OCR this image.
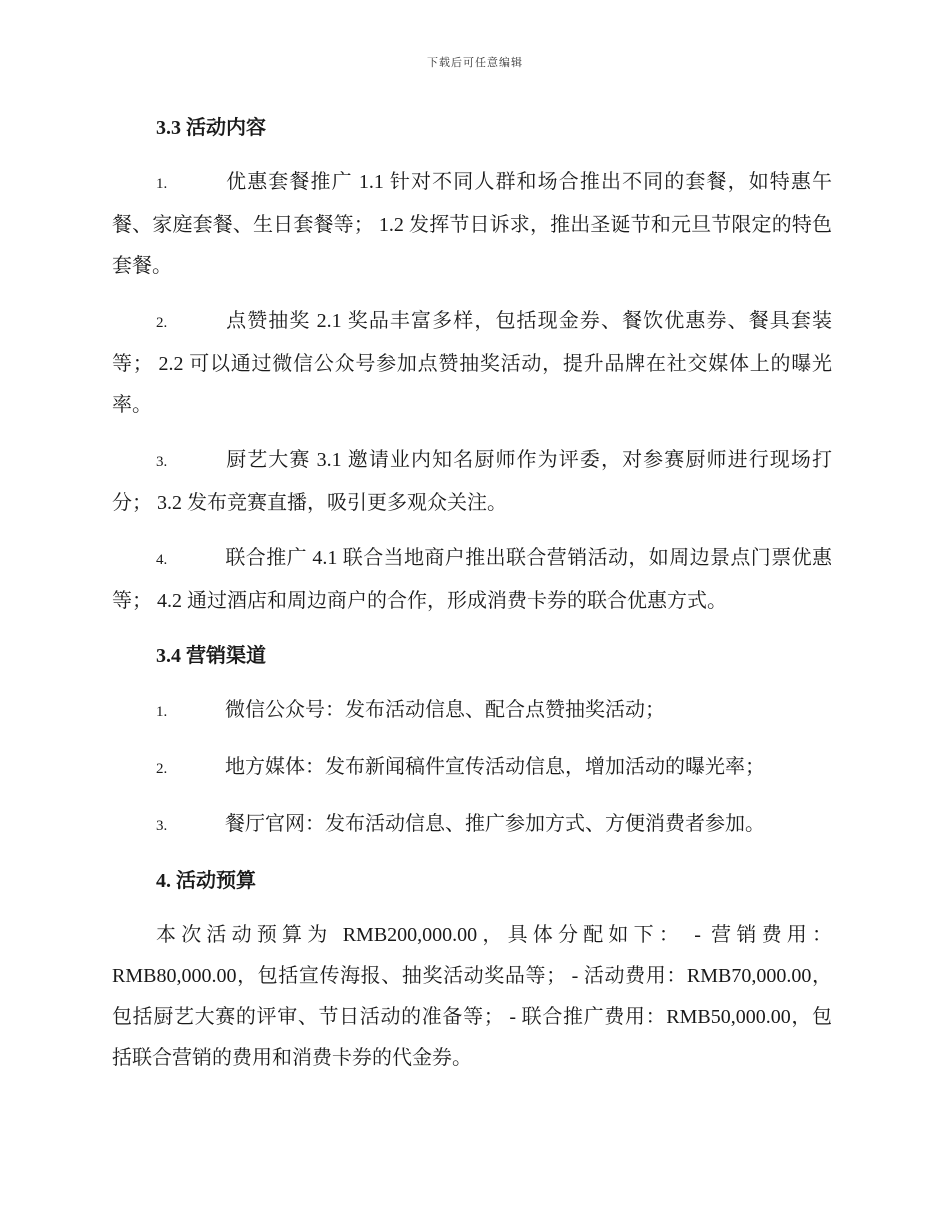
下载后可任意编辑
3.3 活动内容

1.	优惠套餐推广 1.1 针对不同人群和场合推出不同的套餐，如特惠午餐、家庭套餐、生日套餐等； 1.2 发挥节日诉求，推出圣诞节和元旦节限定的特色套餐。

2.	点赞抽奖 2.1 奖品丰富多样，包括现金券、餐饮优惠券、餐具套装等； 2.2 可以通过微信公众号参加点赞抽奖活动，提升品牌在社交媒体上的曝光率。

3.	厨艺大赛 3.1 邀请业内知名厨师作为评委，对参赛厨师进行现场打分； 3.2 发布竞赛直播，吸引更多观众关注。

4.	联合推广 4.1 联合当地商户推出联合营销活动，如周边景点门票优惠等； 4.2 通过酒店和周边商户的合作，形成消费卡券的联合优惠方式。

3.4 营销渠道

1.	微信公众号：发布活动信息、配合点赞抽奖活动；

2.	地方媒体：发布新闻稿件宣传活动信息，增加活动的曝光率；

3.	餐厅官网：发布活动信息、推广参加方式、方便消费者参加。

4. 活动预算

本次活动预算为 RMB200,000.00，具体分配如下： - 营销费用：RMB80,000.00，包括宣传海报、抽奖活动奖品等； - 活动费用：RMB70,000.00，包括厨艺大赛的评审、节日活动的准备等； - 联合推广费用：RMB50,000.00，包括联合营销的费用和消费卡券的代金券。
